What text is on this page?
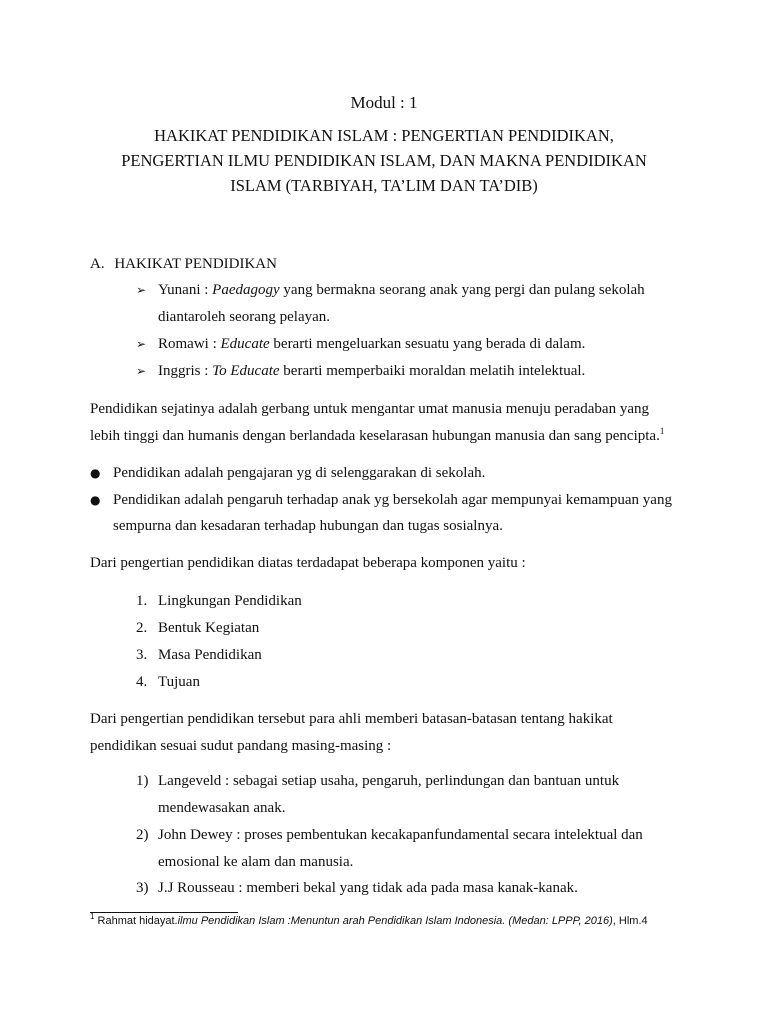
Modul : 1
HAKIKAT PENDIDIKAN ISLAM : PENGERTIAN PENDIDIKAN,
PENGERTIAN ILMU PENDIDIKAN ISLAM, DAN MAKNA PENDIDIKAN
ISLAM (TARBIYAH, TA’LIM DAN TA’DIB)
A. HAKIKAT PENDIDIKAN
➢ Yunani : Paedagogy yang bermakna seorang anak yang pergi dan pulang sekolah
diantaroleh seorang pelayan.
➢ Romawi : Educate berarti mengeluarkan sesuatu yang berada di dalam.
➢ Inggris : To Educate berarti memperbaiki moraldan melatih intelektual.
Pendidikan sejatinya adalah gerbang untuk mengantar umat manusia menuju peradaban yang
lebih tinggi dan humanis dengan berlandada keselarasan hubungan manusia dan sang pencipta.$^1$
● Pendidikan adalah pengajaran yg di selenggarakan di sekolah.
● Pendidikan adalah pengaruh terhadap anak yg bersekolah agar mempunyai kemampuan yang
sempurna dan kesadaran terhadap hubungan dan tugas sosialnya.
Dari pengertian pendidikan diatas terdadapat beberapa komponen yaitu :
1. Lingkungan Pendidikan
2. Bentuk Kegiatan
3. Masa Pendidikan
4. Tujuan
Dari pengertian pendidikan tersebut para ahli memberi batasan-batasan tentang hakikat
pendidikan sesuai sudut pandang masing-masing :
1) Langeveld : sebagai setiap usaha, pengaruh, perlindungan dan bantuan untuk
mendewasakan anak.
2) John Dewey : proses pembentukan kecakapanfundamental secara intelektual dan
emosional ke alam dan manusia.
3) J.J Rousseau : memberi bekal yang tidak ada pada masa kanak-kanak.
$^1$ Rahmat hidayat.ilmu Pendidikan Islam :Menuntun arah Pendidikan Islam Indonesia. (Medan: LPPP, 2016), Hlm.4
